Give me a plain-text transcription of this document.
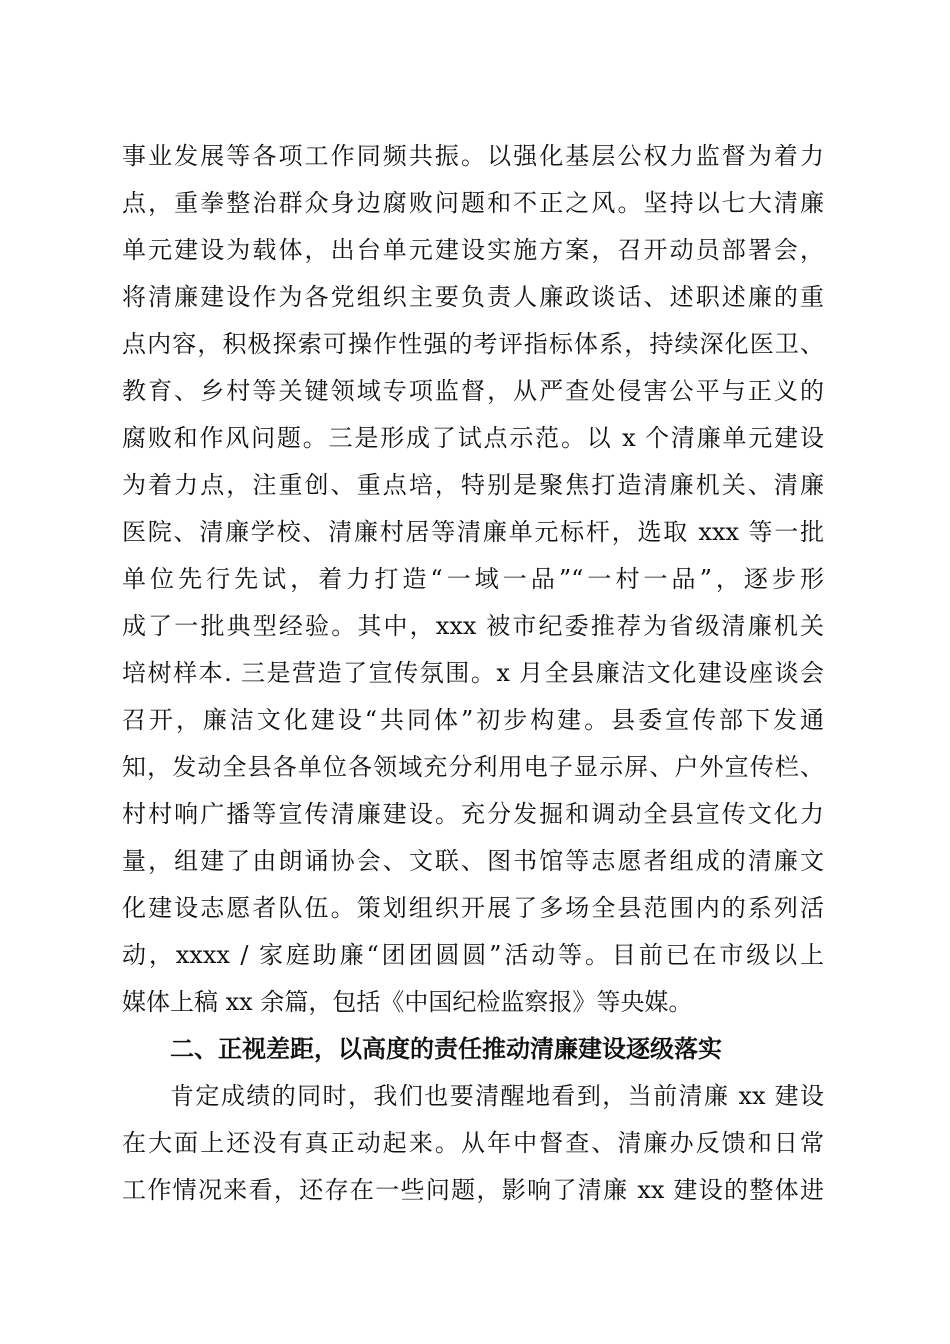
事业发展等各项工作同频共振。以强化基层公权力监督为着力
点，重拳整治群众身边腐败问题和不正之风。坚持以七大清廉
单元建设为载体，出台单元建设实施方案，召开动员部署会，
将清廉建设作为各党组织主要负责人廉政谈话、述职述廉的重
点内容，积极探索可操作性强的考评指标体系，持续深化医卫、
教育、乡村等关键领域专项监督，从严查处侵害公平与正义的
腐败和作风问题。三是形成了试点示范。以 x 个清廉单元建设
为着力点，注重创、重点培，特别是聚焦打造清廉机关、清廉
医院、清廉学校、清廉村居等清廉单元标杆，选取 xxx 等一批
单位先行先试，着力打造“一域一品”“一村一品”，逐步形
成了一批典型经验。其中，xxx 被市纪委推荐为省级清廉机关
培树样本. 三是营造了宣传氛围。x 月全县廉洁文化建设座谈会
召开，廉洁文化建设“共同体”初步构建。县委宣传部下发通
知，发动全县各单位各领域充分利用电子显示屏、户外宣传栏、
村村响广播等宣传清廉建设。充分发掘和调动全县宣传文化力
量，组建了由朗诵协会、文联、图书馆等志愿者组成的清廉文
化建设志愿者队伍。策划组织开展了多场全县范围内的系列活
动，xxxx / 家庭助廉“团团圆圆”活动等。目前已在市级以上
媒体上稿 xx 余篇，包括《中国纪检监察报》等央媒。
二、正视差距，以高度的责任推动清廉建设逐级落实
肯定成绩的同时，我们也要清醒地看到，当前清廉 xx 建设
在大面上还没有真正动起来。从年中督查、清廉办反馈和日常
工作情况来看，还存在一些问题，影响了清廉 xx 建设的整体进
